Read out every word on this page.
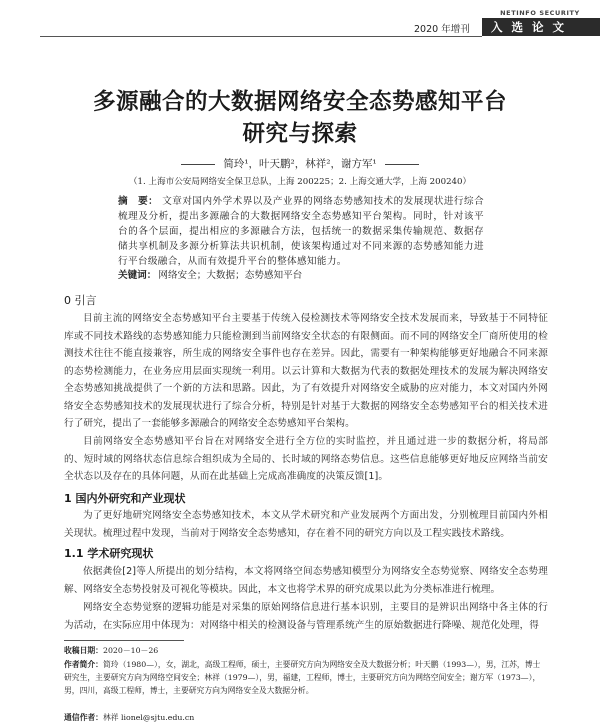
2020 年增刊
NETINFO SECURITY
入选论文
多源融合的大数据网络安全态势感知平台
研究与探索
简玲¹，叶天鹏²，林祥²，谢方军¹
（1. 上海市公安局网络安全保卫总队，上海 200225；2. 上海交通大学，上海 200240）
摘　要： 文章对国内外学术界以及产业界的网络态势感知技术的发展现状进行综合梳理及分析，提出多源融合的大数据网络安全态势感知平台架构。同时，针对该平台的各个层面，提出相应的多源融合方法，包括统一的数据采集传输规范、数据存储共享机制及多源分析算法共识机制，使该架构通过对不同来源的态势感知能力进行平台级融合，从而有效提升平台的整体感知能力。
关键词： 网络安全；大数据；态势感知平台
0 引言
目前主流的网络安全态势感知平台主要基于传统入侵检测技术等网络安全技术发展而来，导致基于不同特征库或不同技术路线的态势感知能力只能检测到当前网络安全状态的有限侧面。而不同的网络安全厂商所使用的检测技术往往不能直接兼容，所生成的网络安全事件也存在差异。因此，需要有一种架构能够更好地融合不同来源的态势检测能力，在业务应用层面实现统一利用。以云计算和大数据为代表的数据处理技术的发展为解决网络安全态势感知挑战提供了一个新的方法和思路。因此，为了有效提升对网络安全威胁的应对能力，本文对国内外网络安全态势感知技术的发展现状进行了综合分析，特别是针对基于大数据的网络安全态势感知平台的相关技术进行了研究，提出了一套能够多源融合的网络安全态势感知平台架构。
目前网络安全态势感知平台旨在对网络安全进行全方位的实时监控，并且通过进一步的数据分析，将局部的、短时域的网络状态信息综合组织成为全局的、长时域的网络态势信息。这些信息能够更好地反应网络当前安全状态以及存在的具体问题，从而在此基础上完成高准确度的决策反馈[1]。
1 国内外研究和产业现状
为了更好地研究网络安全态势感知技术，本文从学术研究和产业发展两个方面出发，分别梳理目前国内外相关现状。梳理过程中发现，当前对于网络安全态势感知，存在着不同的研究方向以及工程实践技术路线。
1.1 学术研究现状
依据龚俭[2]等人所提出的划分结构，本文将网络空间态势感知模型分为网络安全态势觉察、网络安全态势理解、网络安全态势投射及可视化等模块。因此，本文也将学术界的研究成果以此为分类标准进行梳理。
网络安全态势觉察的逻辑功能是对采集的原始网络信息进行基本识别，主要目的是辨识出网络中各主体的行为活动，在实际应用中体现为：对网络中相关的检测设备与管理系统产生的原始数据进行降噪、规范化处理，得
收稿日期：2020－10－26
作者简介：简玲（1980—），女，湖北，高级工程师，硕士，主要研究方向为网络安全及大数据分析；叶天鹏（1993—），男，江苏，博士研究生，主要研究方向为网络空间安全；林祥（1979—），男，福建，工程师，博士，主要研究方向为网络空间安全；谢方军（1973—），男，四川，高级工程师，博士，主要研究方向为网络安全及大数据分析。
通信作者：林祥 lionel@sjtu.edu.cn
